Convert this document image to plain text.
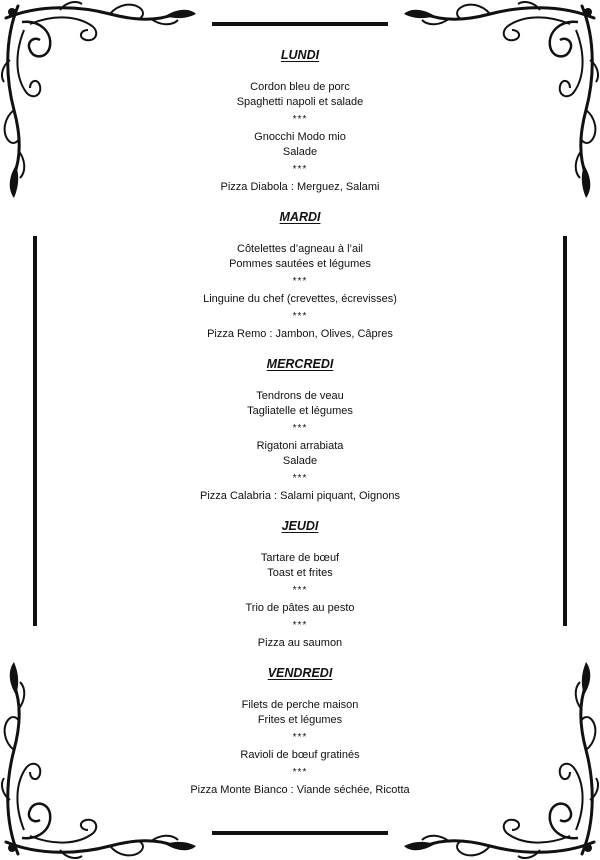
LUNDI
Cordon bleu de porc
Spaghetti napoli et salade
***
Gnocchi Modo mio
Salade
***
Pizza Diabola : Merguez, Salami
MARDI
Côtelettes d’agneau à l’ail
Pommes sautées et légumes
***
Linguine du chef (crevettes, écrevisses)
***
Pizza Remo : Jambon, Olives, Câpres
MERCREDI
Tendrons de veau
Tagliatelle et légumes
***
Rigatoni arrabiata
Salade
***
Pizza Calabria : Salami piquant, Oignons
JEUDI
Tartare de bœuf
Toast et frites
***
Trio de pâtes au pesto
***
Pizza au saumon
VENDREDI
Filets de perche maison
Frites et légumes
***
Ravioli de bœuf gratinés
***
Pizza Monte Bianco : Viande séchée, Ricotta
